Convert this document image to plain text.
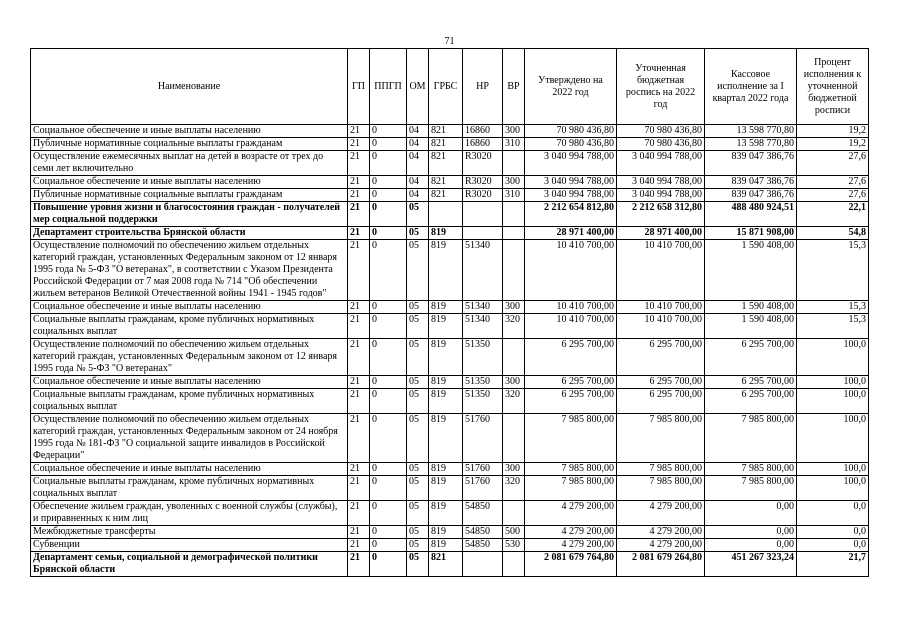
71
Наименование	ГП	ППГП	ОМ	ГРБС	НР	ВР	Утверждено на 2022 год	Уточненная бюджетная роспись на 2022 год	Кассовое исполнение за I квартал 2022 года	Процент исполнения к уточненной бюджетной росписи
Социальное обеспечение и иные выплаты населению	21	0	04	821	16860	300	70 980 436,80	70 980 436,80	13 598 770,80	19,2
Публичные нормативные социальные выплаты гражданам	21	0	04	821	16860	310	70 980 436,80	70 980 436,80	13 598 770,80	19,2
Осуществление ежемесячных выплат на детей в возрасте от трех до семи лет включительно	21	0	04	821	R3020		3 040 994 788,00	3 040 994 788,00	839 047 386,76	27,6
Социальное обеспечение и иные выплаты населению	21	0	04	821	R3020	300	3 040 994 788,00	3 040 994 788,00	839 047 386,76	27,6
Публичные нормативные социальные выплаты гражданам	21	0	04	821	R3020	310	3 040 994 788,00	3 040 994 788,00	839 047 386,76	27,6
Повышение уровня жизни и благосостояния граждан - получателей мер социальной поддержки	21	0	05				2 212 654 812,80	2 212 658 312,80	488 480 924,51	22,1
Департамент строительства Брянской области	21	0	05	819			28 971 400,00	28 971 400,00	15 871 908,00	54,8
Осуществление полномочий по обеспечению жильем отдельных категорий граждан, установленных Федеральным законом от 12 января 1995 года № 5-ФЗ "О ветеранах", в соответствии с Указом Президента Российской Федерации от 7 мая 2008 года № 714 "Об обеспечении жильем ветеранов Великой Отечественной войны 1941 - 1945 годов"	21	0	05	819	51340		10 410 700,00	10 410 700,00	1 590 408,00	15,3
Социальное обеспечение и иные выплаты населению	21	0	05	819	51340	300	10 410 700,00	10 410 700,00	1 590 408,00	15,3
Социальные выплаты гражданам, кроме публичных нормативных социальных выплат	21	0	05	819	51340	320	10 410 700,00	10 410 700,00	1 590 408,00	15,3
Осуществление полномочий по обеспечению жильем отдельных категорий граждан, установленных Федеральным законом от 12 января 1995 года № 5-ФЗ "О ветеранах"	21	0	05	819	51350		6 295 700,00	6 295 700,00	6 295 700,00	100,0
Социальное обеспечение и иные выплаты населению	21	0	05	819	51350	300	6 295 700,00	6 295 700,00	6 295 700,00	100,0
Социальные выплаты гражданам, кроме публичных нормативных социальных выплат	21	0	05	819	51350	320	6 295 700,00	6 295 700,00	6 295 700,00	100,0
Осуществление полномочий по обеспечению жильем отдельных категорий граждан, установленных Федеральным законом от 24 ноября 1995 года № 181-ФЗ "О социальной защите инвалидов в Российской Федерации"	21	0	05	819	51760		7 985 800,00	7 985 800,00	7 985 800,00	100,0
Социальное обеспечение и иные выплаты населению	21	0	05	819	51760	300	7 985 800,00	7 985 800,00	7 985 800,00	100,0
Социальные выплаты гражданам, кроме публичных нормативных социальных выплат	21	0	05	819	51760	320	7 985 800,00	7 985 800,00	7 985 800,00	100,0
Обеспечение жильем граждан, уволенных с военной службы (службы), и приравненных к ним лиц	21	0	05	819	54850		4 279 200,00	4 279 200,00	0,00	0,0
Межбюджетные трансферты	21	0	05	819	54850	500	4 279 200,00	4 279 200,00	0,00	0,0
Субвенции	21	0	05	819	54850	530	4 279 200,00	4 279 200,00	0,00	0,0
Департамент семьи, социальной и демографической политики Брянской области	21	0	05	821			2 081 679 764,80	2 081 679 264,80	451 267 323,24	21,7
